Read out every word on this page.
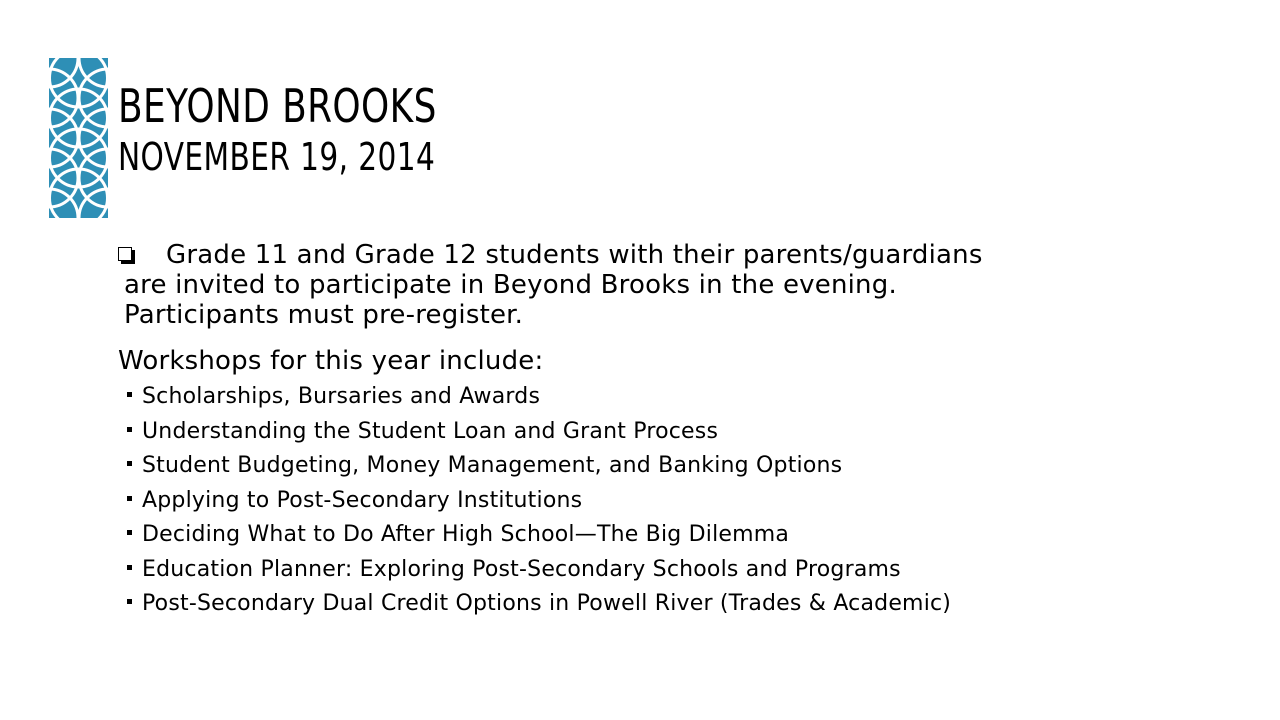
BEYOND BROOKS
NOVEMBER 19, 2014
Grade 11 and Grade 12 students with their parents/guardians
are invited to participate in Beyond Brooks in the evening.
Participants must pre-register.

Workshops for this year include:

Scholarships, Bursaries and Awards
Understanding the Student Loan and Grant Process
Student Budgeting, Money Management, and Banking Options
Applying to Post-Secondary Institutions
Deciding What to Do After High School—The Big Dilemma
Education Planner: Exploring Post-Secondary Schools and Programs
Post-Secondary Dual Credit Options in Powell River (Trades & Academic)
